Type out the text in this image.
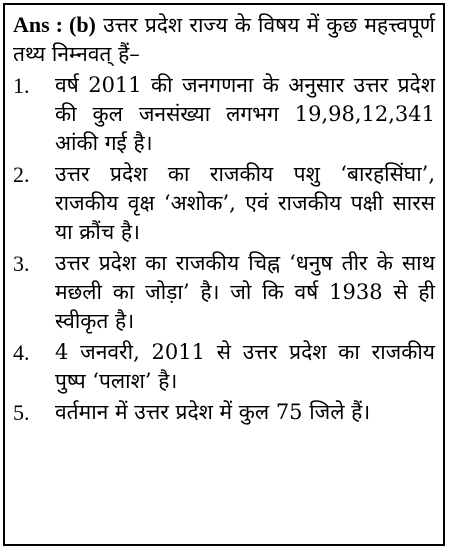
Ans : (b) उत्तर प्रदेश राज्य के विषय में कुछ महत्त्वपूर्ण तथ्य निम्नवत् हैं–

1.	वर्ष 2011 की जनगणना के अनुसार उत्तर प्रदेश की कुल जनसंख्या लगभग 19,98,12,341 आंकी गई है।
2.	उत्तर प्रदेश का राजकीय पशु ‘बारहसिंघा’, राजकीय वृक्ष ‘अशोक’, एवं राजकीय पक्षी सारस या क्रौंच है।
3.	उत्तर प्रदेश का राजकीय चिह्न ‘धनुष तीर के साथ मछली का जोड़ा’ है। जो कि वर्ष 1938 से ही स्वीकृत है।
4.	4 जनवरी, 2011 से उत्तर प्रदेश का राजकीय पुष्प ‘पलाश’ है।
5.	वर्तमान में उत्तर प्रदेश में कुल 75 जिले हैं।
